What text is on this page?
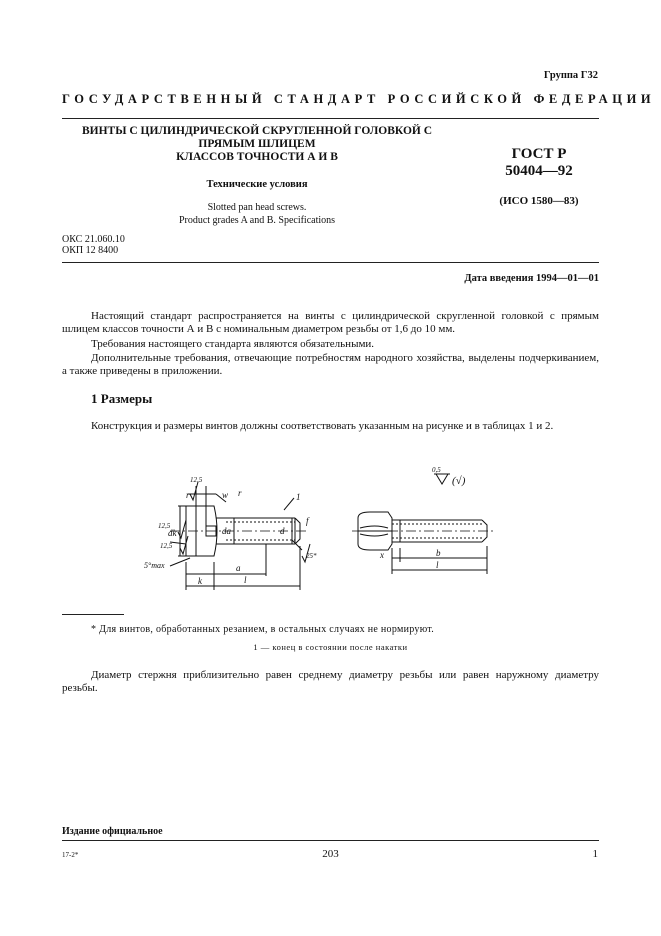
Группа Г32
ГОСУДАРСТВЕННЫЙ СТАНДАРТ РОССИЙСКОЙ ФЕДЕРАЦИИ
ВИНТЫ С ЦИЛИНДРИЧЕСКОЙ СКРУГЛЕННОЙ ГОЛОВКОЙ С
ПРЯМЫМ ШЛИЦЕМ
КЛАССОВ ТОЧНОСТИ А И В
Технические условия
Slotted pan head screws.
Product grades A and B. Specifications
ГОСТ Р
50404—92
(ИСО 1580—83)
ОКС 21.060.10
ОКП 12 8400
Дата введения 1994—01—01
Настоящий стандарт распространяется на винты с цилиндрической скругленной головкой с прямым шлицем классов точности А и В с номинальным диаметром резьбы от 1,6 до 10 мм.
Требования настоящего стандарта являются обязательными.
Дополнительные требования, отвечающие потребностям народного хозяйства, выделены подчеркиванием, а также приведены в приложении.
1 Размеры
Конструкция и размеры винтов должны соответствовать указанным на рисунке и в таблицах 1 и 2.
r	w r	1
d
dk	da
5°max
k
a
l
12,5
12,5
12,5
25*
f
0,5
(√)
x	b
l
* Для винтов, обработанных резанием, в остальных случаях не нормируют.
1 — конец в состоянии после накатки
Диаметр стержня приблизительно равен среднему диаметру резьбы или равен наружному диаметру резьбы.
Издание официальное
17-2*	203	1
